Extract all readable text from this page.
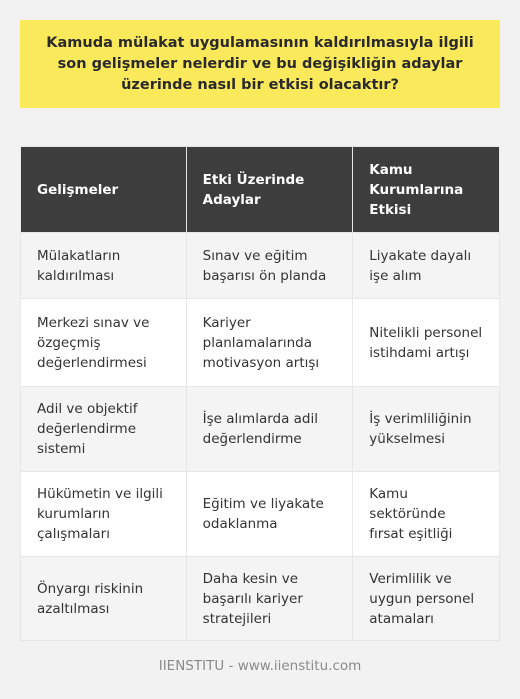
Kamuda mülakat uygulamasının kaldırılmasıyla ilgili son gelişmeler nelerdir ve bu değişikliğin adaylar üzerinde nasıl bir etkisi olacaktır?
Gelişmeler	Etki Üzerinde Adaylar	Kamu Kurumlarına Etkisi
Mülakatların kaldırılması	Sınav ve eğitim başarısı ön planda	Liyakate dayalı işe alım
Merkezi sınav ve özgeçmiş değerlendirmesi	Kariyer planlamalarında motivasyon artışı	Nitelikli personel istihdami artışı
Adil ve objektif değerlendirme sistemi	İşe alımlarda adil değerlendirme	İş verimliliğinin yükselmesi
Hükümetin ve ilgili kurumların çalışmaları	Eğitim ve liyakate odaklanma	Kamu sektöründe fırsat eşitliği
Önyargı riskinin azaltılması	Daha kesin ve başarılı kariyer stratejileri	Verimlilik ve uygun personel atamaları
IIENSTITU - www.iienstitu.com
